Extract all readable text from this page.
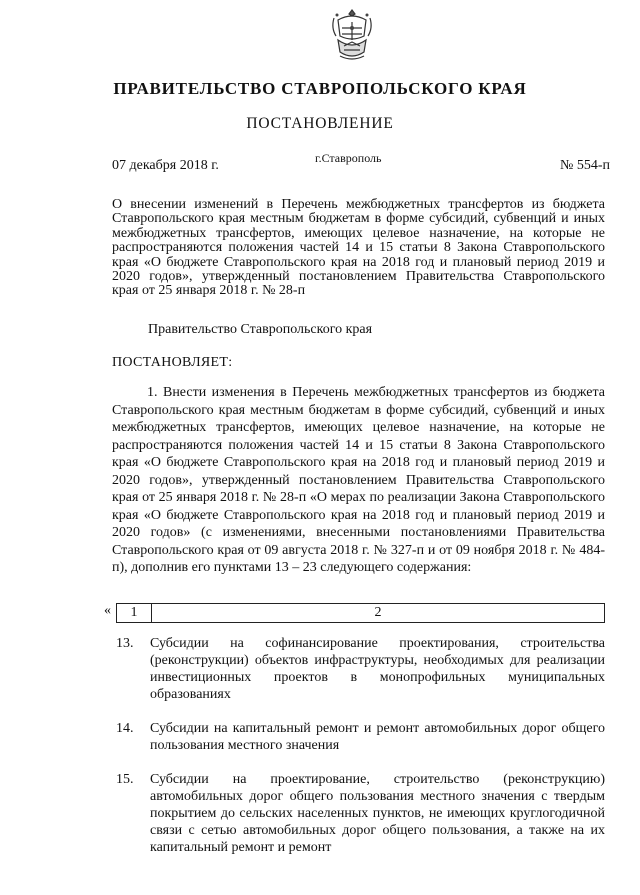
ПРАВИТЕЛЬСТВО СТАВРОПОЛЬСКОГО КРАЯ
ПОСТАНОВЛЕНИЕ
07 декабря 2018 г.	г.Ставрополь	№ 554-п
О внесении изменений в Перечень межбюджетных трансфертов из бюджета Ставропольского края местным бюджетам в форме субсидий, субвенций и иных межбюджетных трансфертов, имеющих целевое назначение, на которые не распространяются положения частей 14 и 15 статьи 8 Закона Ставропольского края «О бюджете Ставропольского края на 2018 год и плановый период 2019 и 2020 годов», утвержденный постановлением Правительства Ставропольского края от 25 января 2018 г. № 28-п
Правительство Ставропольского края
ПОСТАНОВЛЯЕТ:
1. Внести изменения в Перечень межбюджетных трансфертов из бюджета Ставропольского края местным бюджетам в форме субсидий, субвенций и иных межбюджетных трансфертов, имеющих целевое назначение, на которые не распространяются положения частей 14 и 15 статьи 8 Закона Ставропольского края «О бюджете Ставропольского края на 2018 год и плановый период 2019 и 2020 годов», утвержденный постановлением Правительства Ставропольского края от 25 января 2018 г. № 28-п «О мерах по реализации Закона Ставропольского края «О бюджете Ставропольского края на 2018 год и плановый период 2019 и 2020 годов» (с изменениями, внесенными постановлениями Правительства Ставропольского края от 09 августа 2018 г. № 327-п и от 09 ноября 2018 г. № 484-п), дополнив его пунктами 13 – 23 следующего содержания:
«	1	2
13.	Субсидии на софинансирование проектирования, строительства (реконструкции) объектов инфраструктуры, необходимых для реализации инвестиционных проектов в монопрофильных муниципальных образованиях
14.	Субсидии на капитальный ремонт и ремонт автомобильных дорог общего пользования местного значения
15.	Субсидии на проектирование, строительство (реконструкцию) автомобильных дорог общего пользования местного значения с твердым покрытием до сельских населенных пунктов, не имеющих круглогодичной связи с сетью автомобильных дорог общего пользования, а также на их капитальный ремонт и ремонт
